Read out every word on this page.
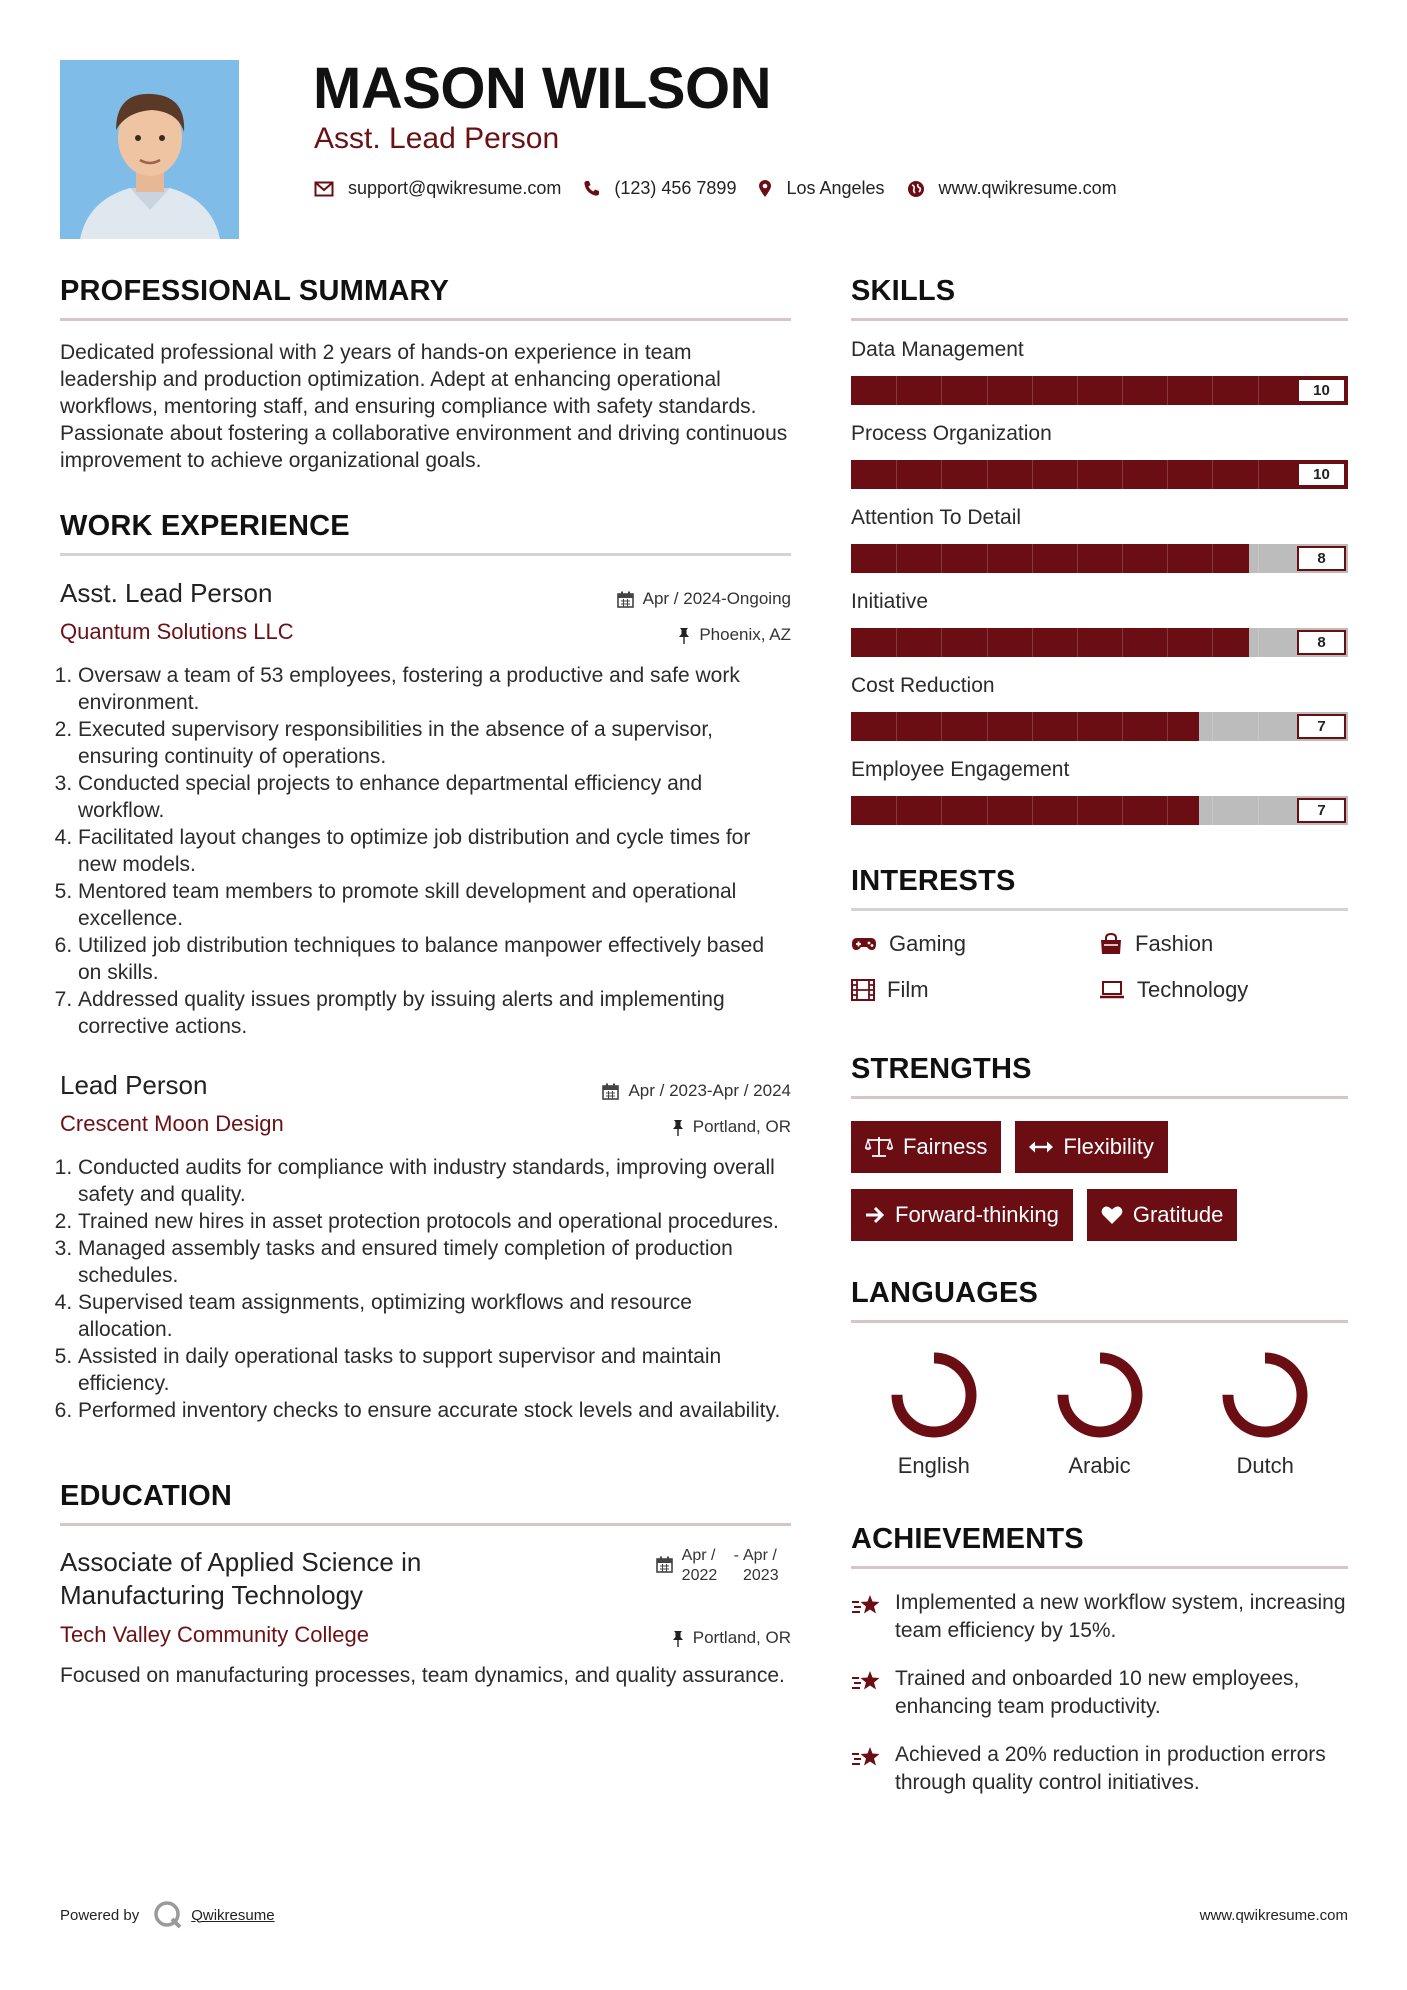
MASON WILSON
Asst. Lead Person
support@qwikresume.com	(123) 456 7899	Los Angeles	www.qwikresume.com
PROFESSIONAL SUMMARY

Dedicated professional with 2 years of hands-on experience in team leadership and production optimization. Adept at enhancing operational workflows, mentoring staff, and ensuring compliance with safety standards. Passionate about fostering a collaborative environment and driving continuous improvement to achieve organizational goals.

WORK EXPERIENCE
Asst. Lead Person	Apr / 2024-Ongoing
Quantum Solutions LLC	Phoenix, AZ
1. Oversaw a team of 53 employees, fostering a productive and safe work environment.
2. Executed supervisory responsibilities in the absence of a supervisor, ensuring continuity of operations.
3. Conducted special projects to enhance departmental efficiency and workflow.
4. Facilitated layout changes to optimize job distribution and cycle times for new models.
5. Mentored team members to promote skill development and operational excellence.
6. Utilized job distribution techniques to balance manpower effectively based on skills.
7. Addressed quality issues promptly by issuing alerts and implementing corrective actions.
Lead Person	Apr / 2023-Apr / 2024
Crescent Moon Design	Portland, OR
1. Conducted audits for compliance with industry standards, improving overall safety and quality.
2. Trained new hires in asset protection protocols and operational procedures.
3. Managed assembly tasks and ensured timely completion of production schedules.
4. Supervised team assignments, optimizing workflows and resource allocation.
5. Assisted in daily operational tasks to support supervisor and maintain efficiency.
6. Performed inventory checks to ensure accurate stock levels and availability.
EDUCATION
Associate of Applied Science in Manufacturing Technology
Apr / 2022
- Apr / 2023
Tech Valley Community College	Portland, OR

Focused on manufacturing processes, team dynamics, and quality assurance.

SKILLS
Data Management
10
Process Organization
10
Attention To Detail
8
Initiative
8
Cost Reduction
7
Employee Engagement
7
INTERESTS
Gaming	Fashion
Film	Technology
STRENGTHS
Fairness	Flexibility
Forward-thinking	Gratitude
LANGUAGES
English	Arabic	Dutch
ACHIEVEMENTS
Implemented a new workflow system, increasing team efficiency by 15%.
Trained and onboarded 10 new employees, enhancing team productivity.
Achieved a 20% reduction in production errors through quality control initiatives.
Powered by	Qwikresume	www.qwikresume.com
